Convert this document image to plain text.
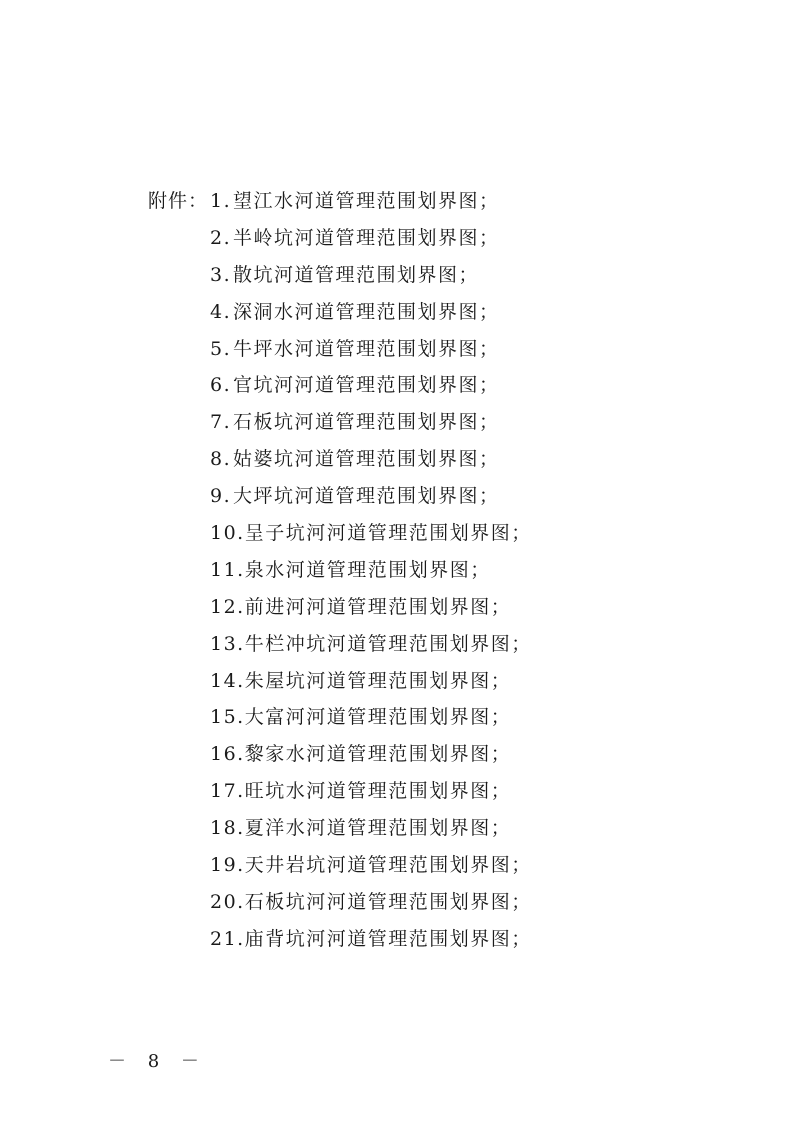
附件： 1.望江水河道管理范围划界图；
2.半岭坑河道管理范围划界图；
3.散坑河道管理范围划界图；
4.深洞水河道管理范围划界图；
5.牛坪水河道管理范围划界图；
6.官坑河河道管理范围划界图；
7.石板坑河道管理范围划界图；
8.姑婆坑河道管理范围划界图；
9.大坪坑河道管理范围划界图；
10.呈子坑河河道管理范围划界图；
11.泉水河道管理范围划界图；
12.前进河河道管理范围划界图；
13.牛栏冲坑河道管理范围划界图；
14.朱屋坑河道管理范围划界图；
15.大富河河道管理范围划界图；
16.黎家水河道管理范围划界图；
17.旺坑水河道管理范围划界图；
18.夏洋水河道管理范围划界图；
19.天井岩坑河道管理范围划界图；
20.石板坑河河道管理范围划界图；
21.庙背坑河河道管理范围划界图；
－ 8 －
